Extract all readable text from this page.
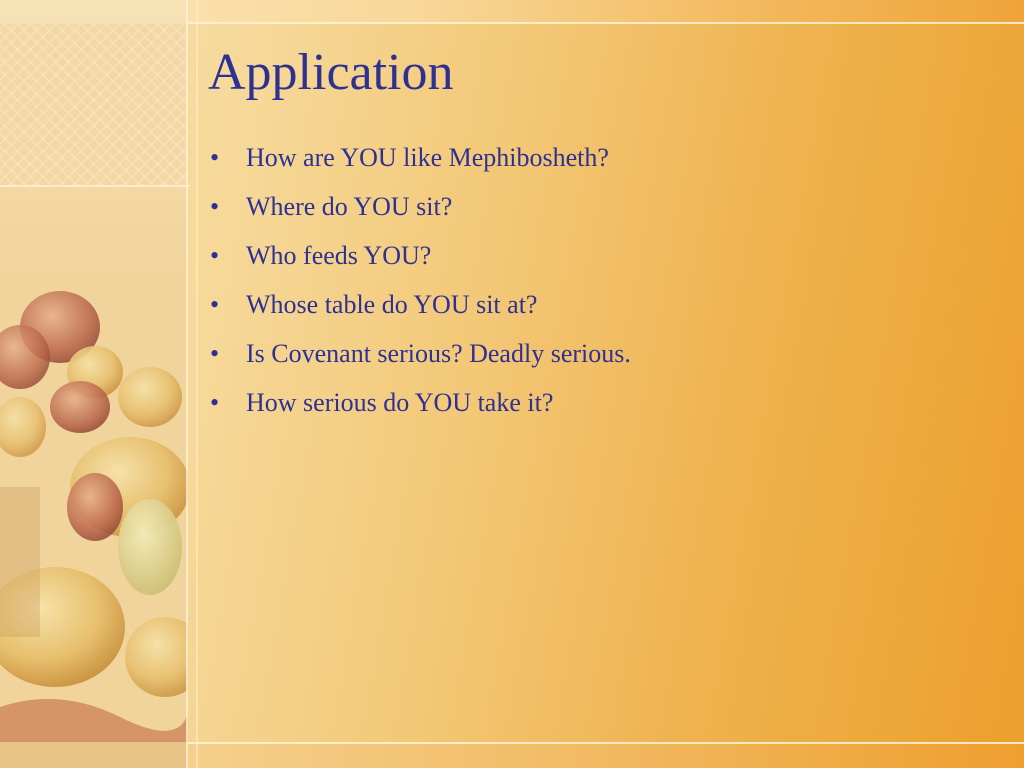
Application
• How are YOU like Mephibosheth?
• Where do YOU sit?
• Who feeds YOU?
• Whose table do YOU sit at?
• Is Covenant serious? Deadly serious.
• How serious do YOU take it?
